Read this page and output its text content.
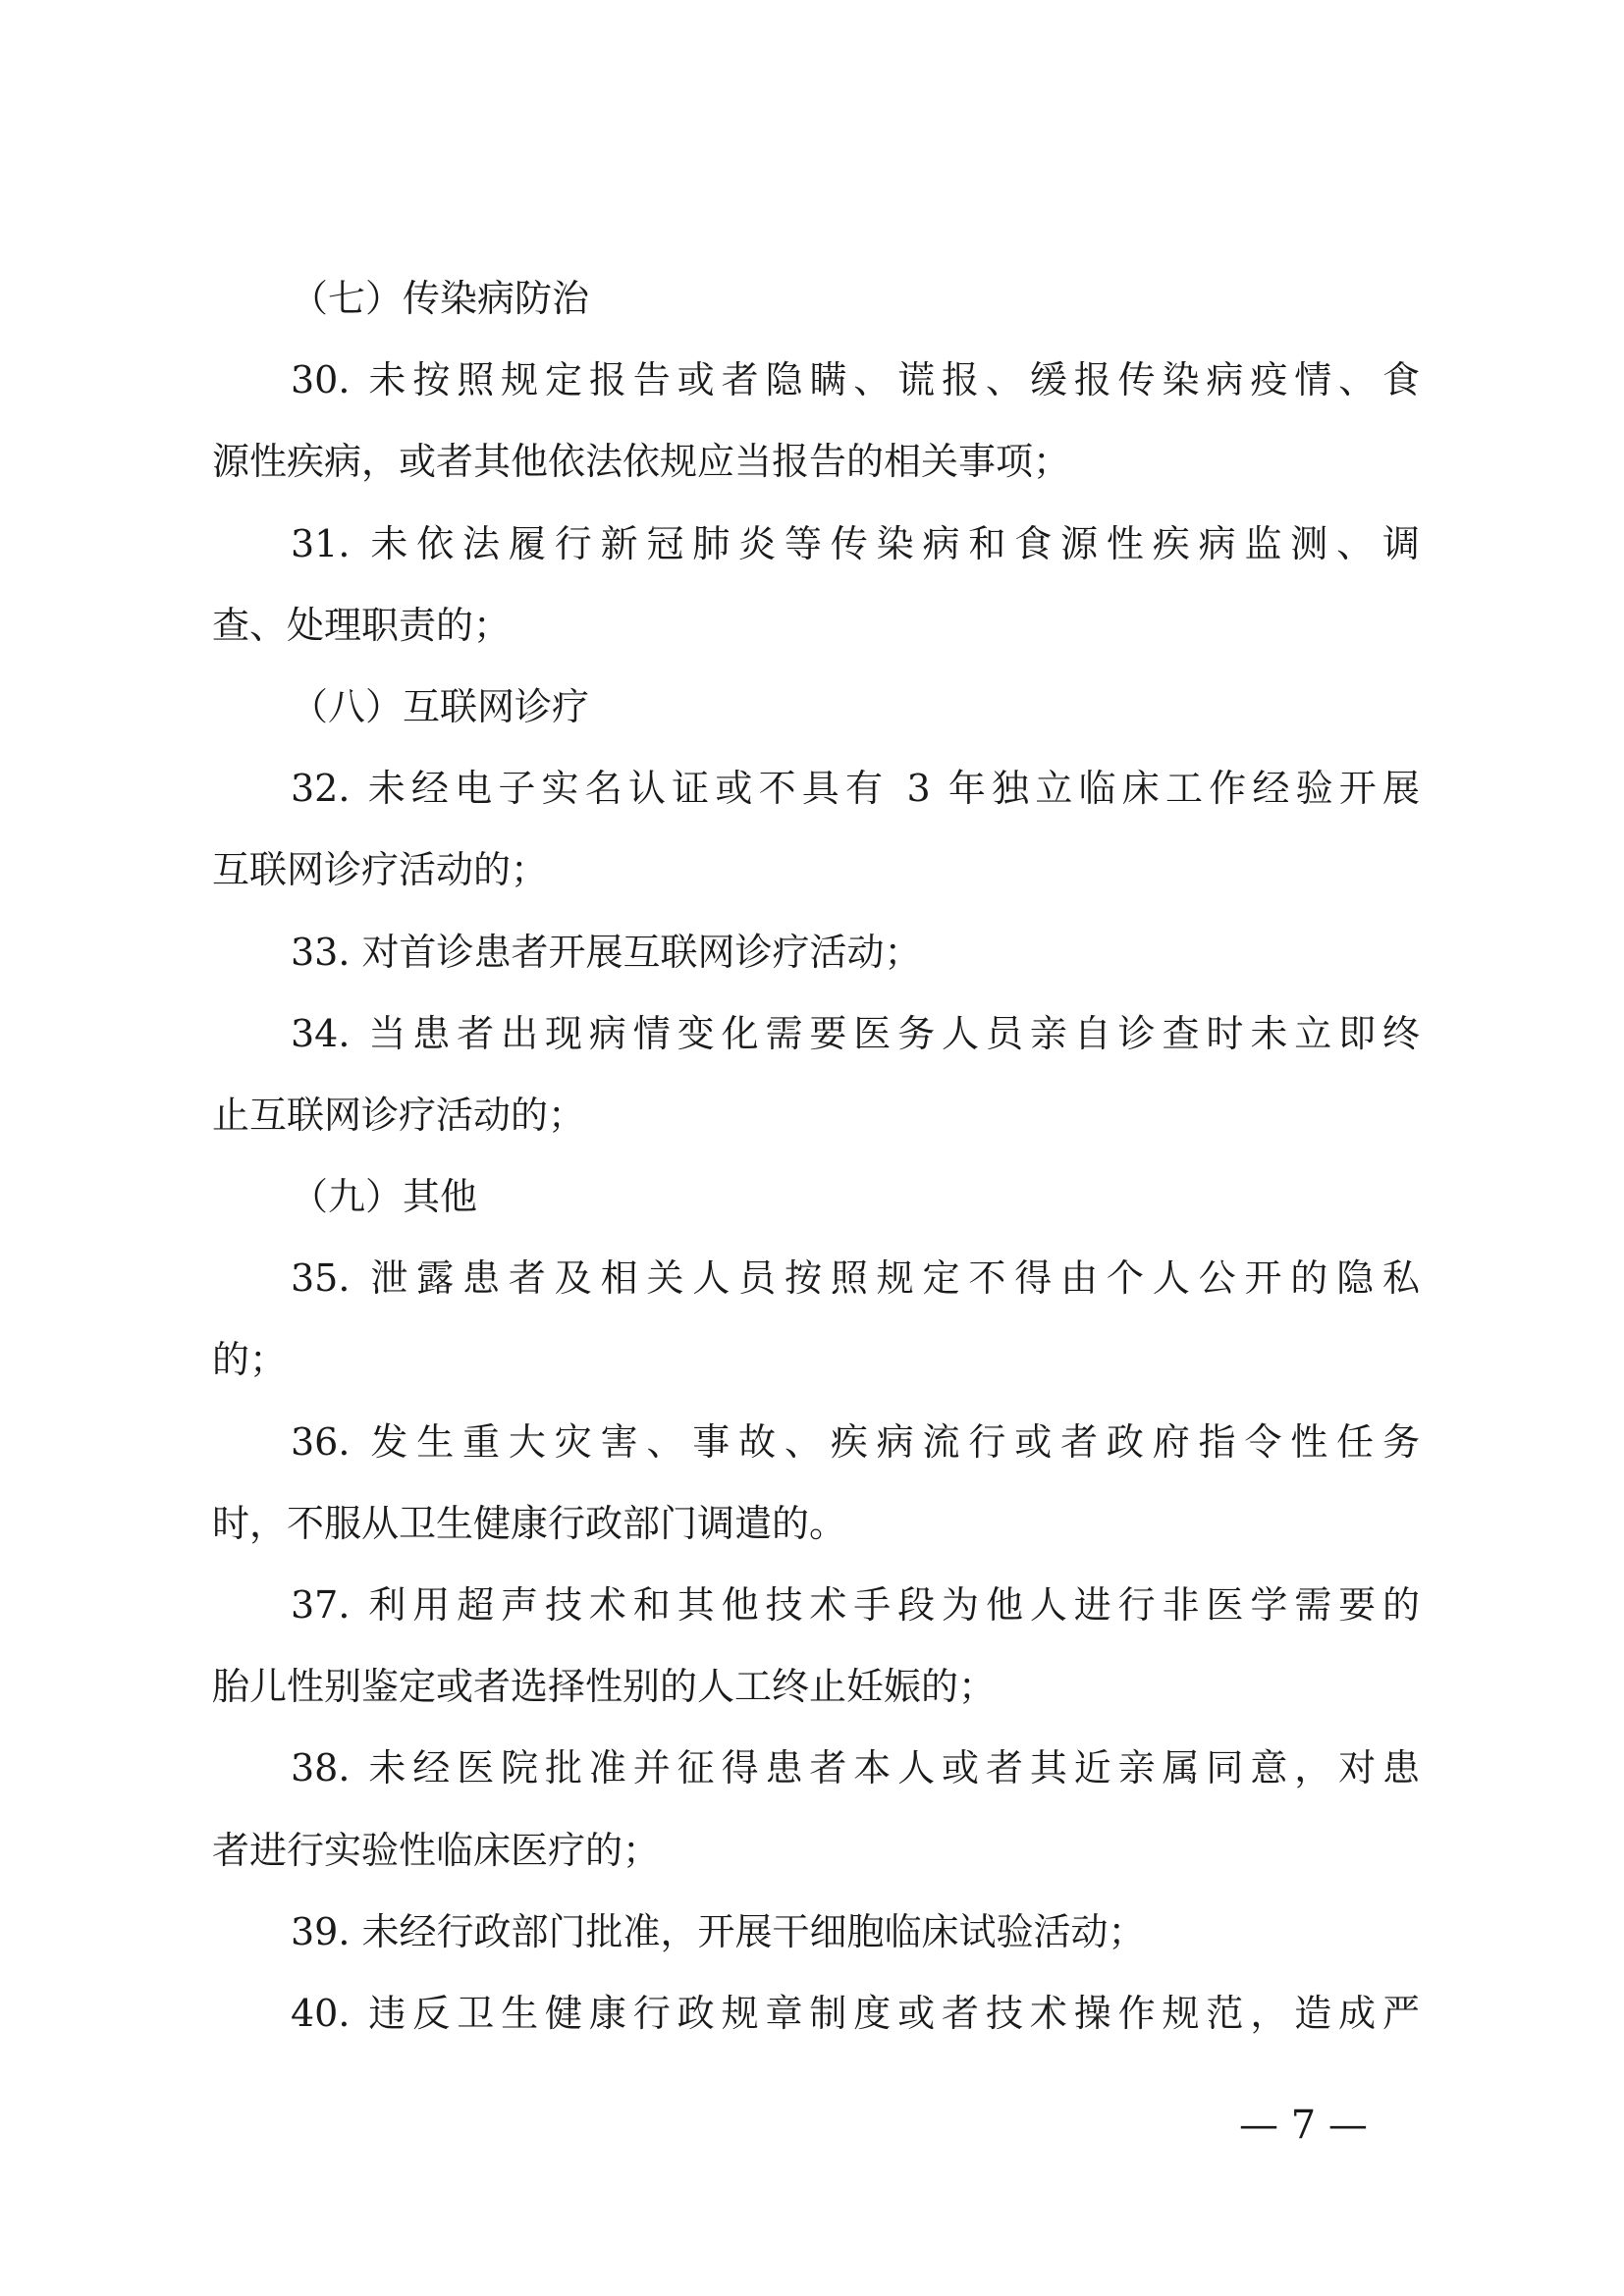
（七）传染病防治
30. 未按照规定报告或者隐瞒、谎报、缓报传染病疫情、食
源性疾病，或者其他依法依规应当报告的相关事项；
31. 未依法履行新冠肺炎等传染病和食源性疾病监测、调
查、处理职责的；
（八）互联网诊疗
32. 未经电子实名认证或不具有 3 年独立临床工作经验开展
互联网诊疗活动的；
33. 对首诊患者开展互联网诊疗活动；
34. 当患者出现病情变化需要医务人员亲自诊查时未立即终
止互联网诊疗活动的；
（九）其他
35. 泄露患者及相关人员按照规定不得由个人公开的隐私
的；
36. 发生重大灾害、事故、疾病流行或者政府指令性任务
时，不服从卫生健康行政部门调遣的。
37. 利用超声技术和其他技术手段为他人进行非医学需要的
胎儿性别鉴定或者选择性别的人工终止妊娠的；
38. 未经医院批准并征得患者本人或者其近亲属同意，对患
者进行实验性临床医疗的；
39. 未经行政部门批准，开展干细胞临床试验活动；
40. 违反卫生健康行政规章制度或者技术操作规范，造成严
— 7 —
